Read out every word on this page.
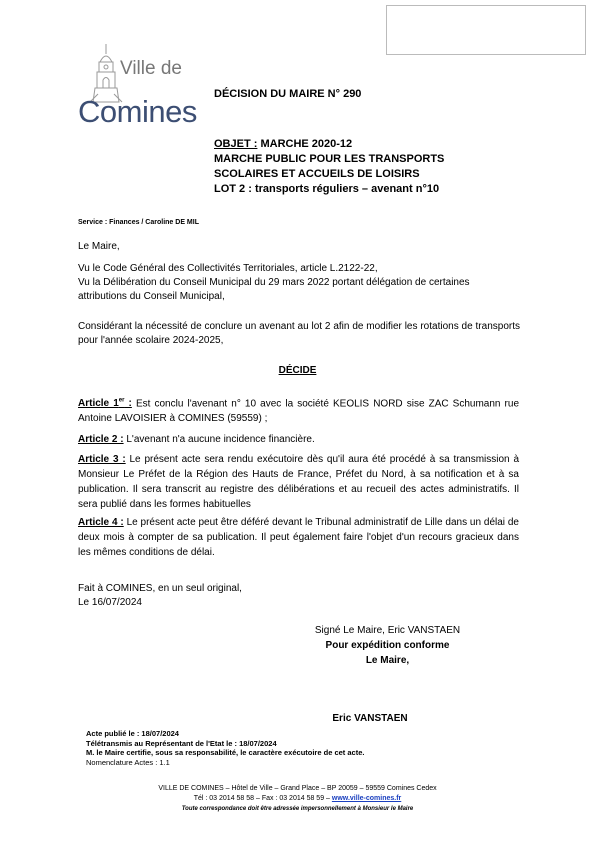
Ville de
Comines DÉCISION DU MAIRE N° 290
OBJET : MARCHE 2020-12
MARCHE PUBLIC POUR LES TRANSPORTS
SCOLAIRES ET ACCUEILS DE LOISIRS
LOT 2 : transports réguliers – avenant n°10
Service : Finances / Caroline DE MIL
Le Maire,
Vu le Code Général des Collectivités Territoriales, article L.2122-22,
Vu la Délibération du Conseil Municipal du 29 mars 2022 portant délégation de certaines attributions du Conseil Municipal,
Considérant la nécessité de conclure un avenant au lot 2 afin de modifier les rotations de transports pour l'année scolaire 2024-2025,
DÉCIDE
Article 1er : Est conclu l'avenant n° 10 avec la société KEOLIS NORD sise ZAC Schumann rue Antoine LAVOISIER à COMINES (59559) ;
Article 2 : L'avenant n'a aucune incidence financière.
Article 3 : Le présent acte sera rendu exécutoire dès qu'il aura été procédé à sa transmission à Monsieur Le Préfet de la Région des Hauts de France, Préfet du Nord, à sa notification et à sa publication. Il sera transcrit au registre des délibérations et au recueil des actes administratifs. Il sera publié dans les formes habituelles
Article 4 : Le présent acte peut être déféré devant le Tribunal administratif de Lille dans un délai de deux mois à compter de sa publication. Il peut également faire l'objet d'un recours gracieux dans les mêmes conditions de délai.
Fait à COMINES, en un seul original,
Le 16/07/2024
Signé Le Maire, Eric VANSTAEN
Pour expédition conforme
Le Maire,
Eric VANSTAEN
Acte publié le : 18/07/2024
Télétransmis au Représentant de l'Etat le : 18/07/2024
M. le Maire certifie, sous sa responsabilité, le caractère exécutoire de cet acte.
Nomenclature Actes : 1.1
VILLE DE COMINES – Hôtel de Ville – Grand Place – BP 20059 – 59559 Comines Cedex
Tél : 03 2014 58 58 – Fax : 03 2014 58 59 – www.ville-comines.fr
Toute correspondance doit être adressée impersonnellement à Monsieur le Maire
